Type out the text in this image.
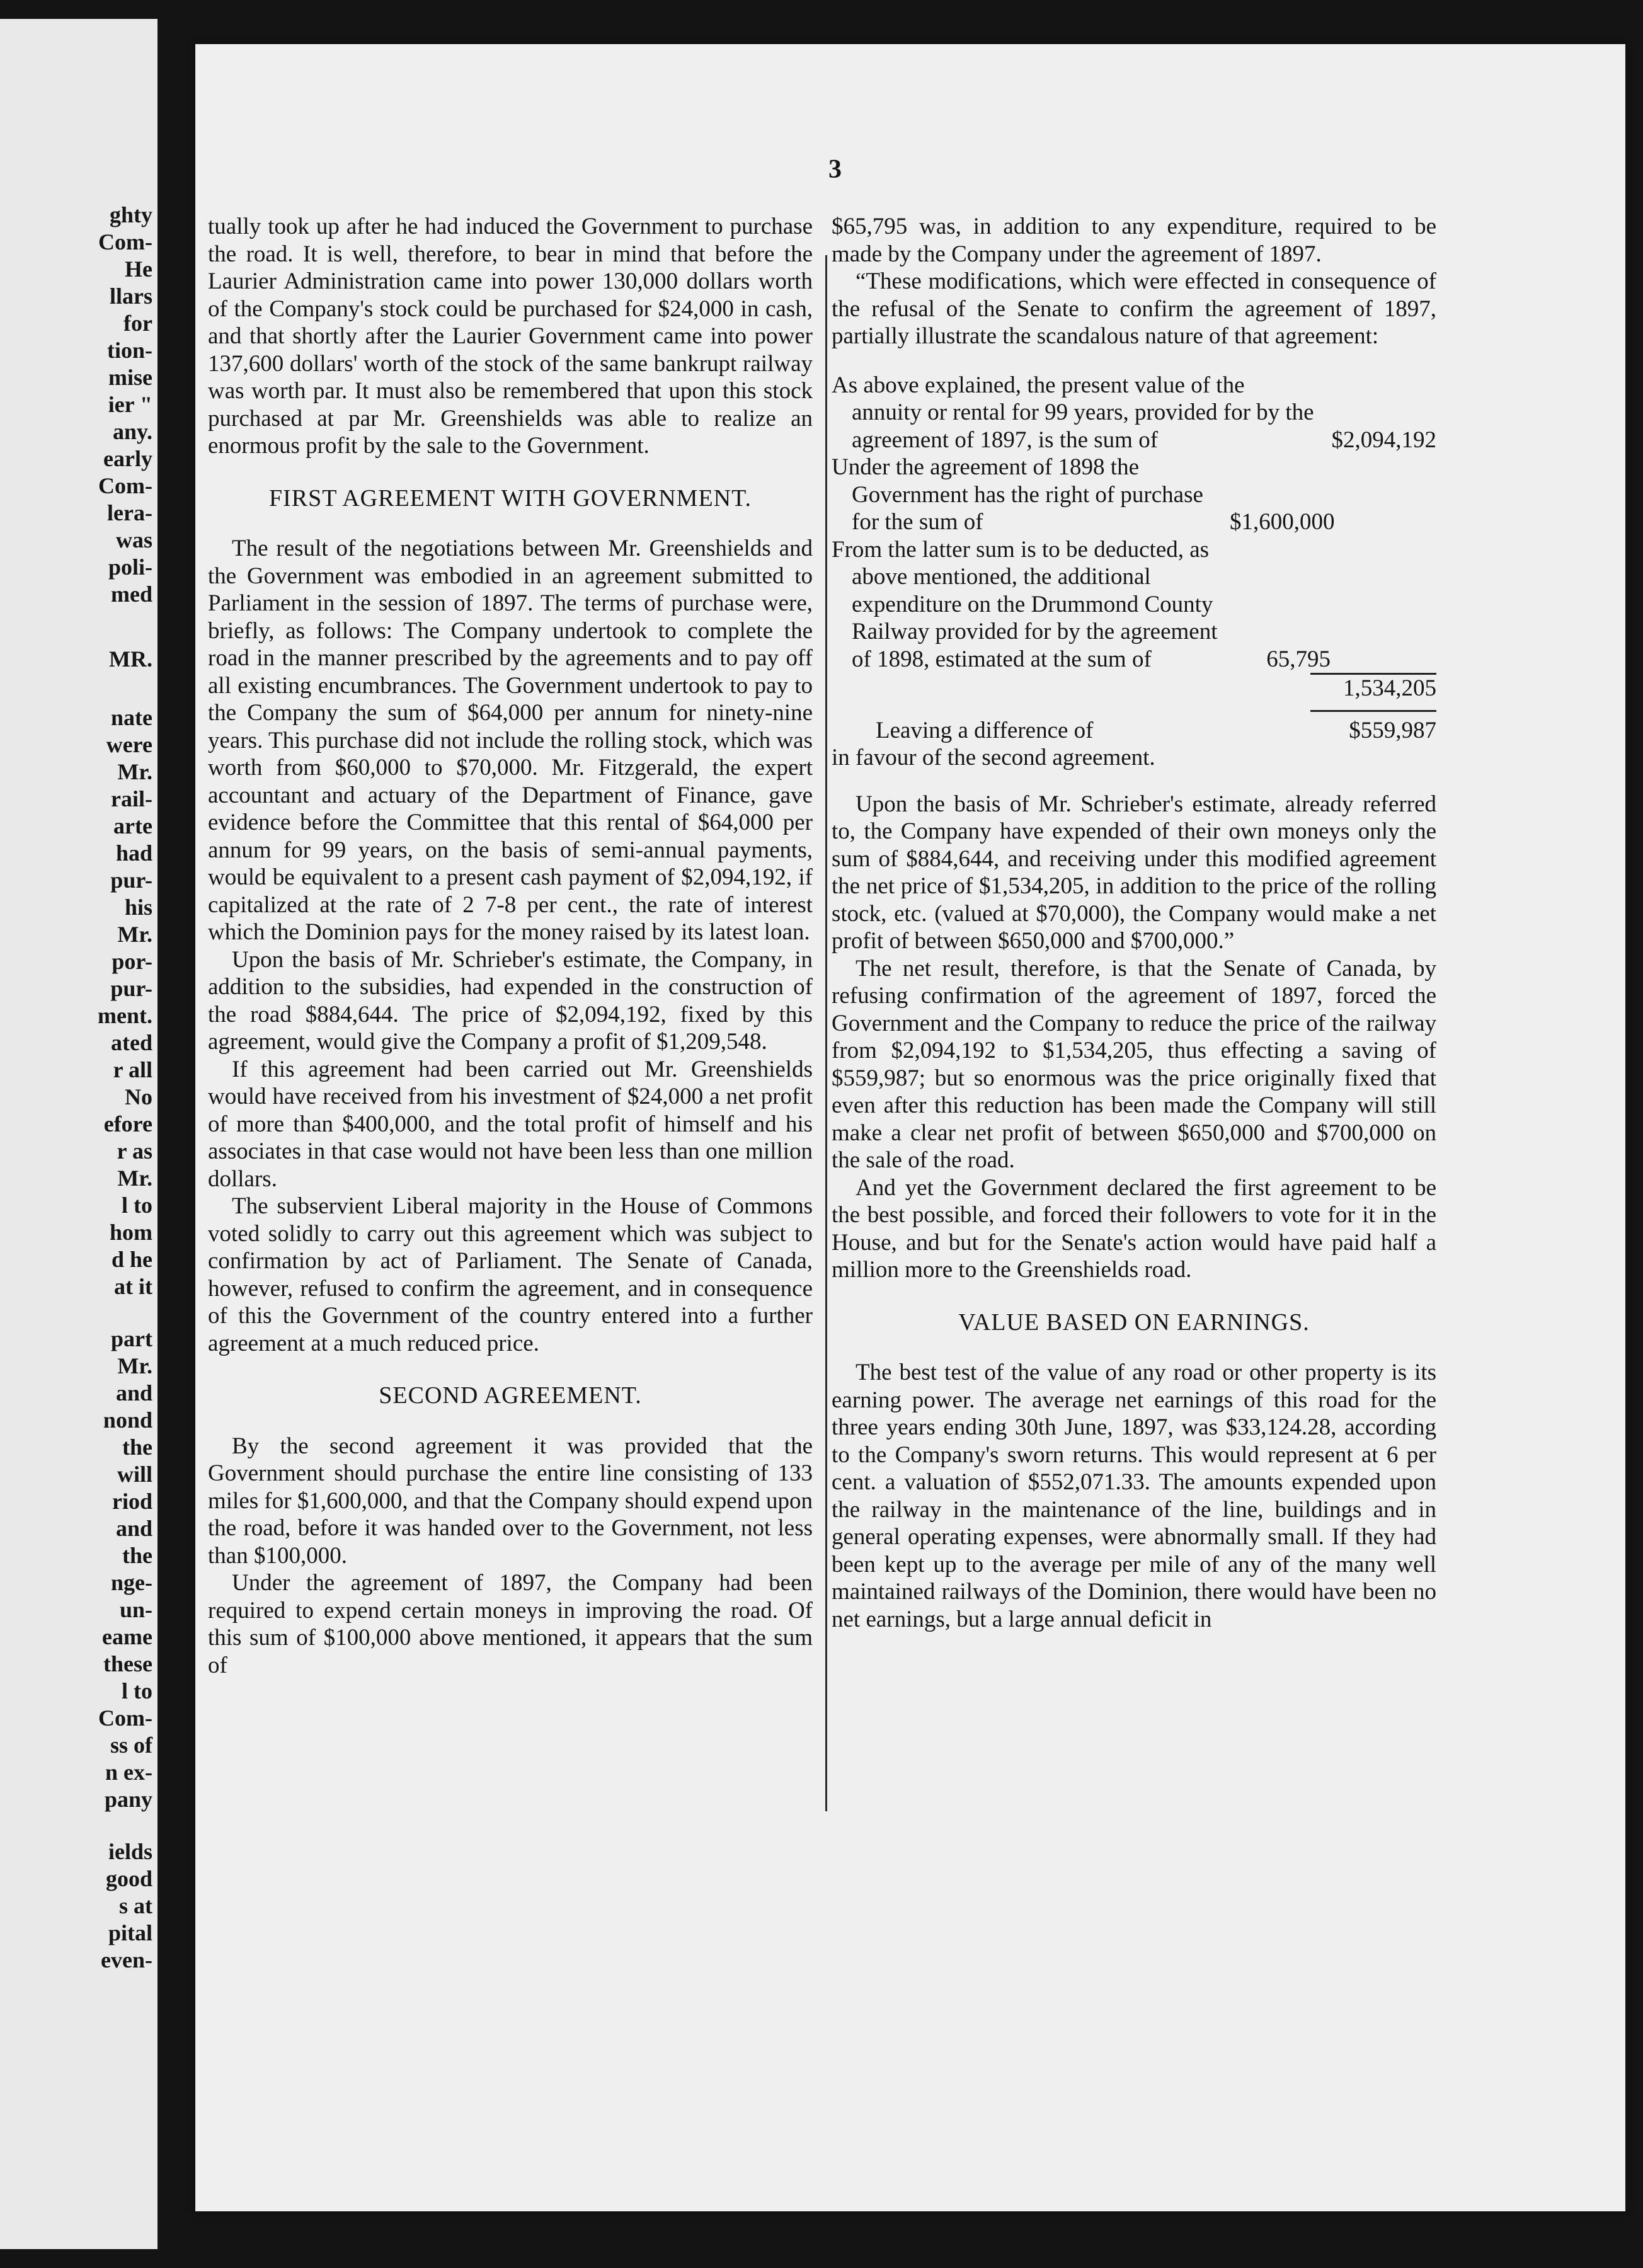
ghty
Com-
He
llars
for
tion-
mise
ier "
any.
early
Com-
lera-
was
poli-
med
MR.
nate
were
Mr.
rail-
arte
had
pur-
his
Mr.
por-
pur-
ment.
ated
r all
No
efore
r as
Mr.
l to
hom
d he
at it
part
Mr.
and
nond
the
will
riod
and
the
nge-
un-
eame
these
l to
Com-
ss of
n ex-
pany
ields
good
s at
pital
even-
3

tually took up after he had induced the Government to purchase the road. It is well, therefore, to bear in mind that before the Laurier Administration came into power 130,000 dollars worth of the Company's stock could be purchased for $24,000 in cash, and that shortly after the Laurier Government came into power 137,600 dollars' worth of the stock of the same bankrupt railway was worth par. It must also be remembered that upon this stock purchased at par Mr. Greenshields was able to realize an enormous profit by the sale to the Government.

FIRST AGREEMENT WITH GOVERNMENT.

The result of the negotiations between Mr. Greenshields and the Government was embodied in an agreement submitted to Parliament in the session of 1897. The terms of purchase were, briefly, as follows: The Company undertook to complete the road in the manner prescribed by the agreements and to pay off all existing encumbrances. The Government undertook to pay to the Company the sum of $64,000 per annum for ninety-nine years. This purchase did not include the rolling stock, which was worth from $60,000 to $70,000. Mr. Fitzgerald, the expert accountant and actuary of the Department of Finance, gave evidence before the Committee that this rental of $64,000 per annum for 99 years, on the basis of semi-annual payments, would be equivalent to a present cash payment of $2,094,192, if capitalized at the rate of 2 7-8 per cent., the rate of interest which the Dominion pays for the money raised by its latest loan.

Upon the basis of Mr. Schrieber's estimate, the Company, in addition to the subsidies, had expended in the construction of the road $884,644. The price of $2,094,192, fixed by this agreement, would give the Company a profit of $1,209,548.

If this agreement had been carried out Mr. Greenshields would have received from his investment of $24,000 a net profit of more than $400,000, and the total profit of himself and his associates in that case would not have been less than one million dollars.

The subservient Liberal majority in the House of Commons voted solidly to carry out this agreement which was subject to confirmation by act of Parliament. The Senate of Canada, however, refused to confirm the agreement, and in consequence of this the Government of the country entered into a further agreement at a much reduced price.

SECOND AGREEMENT.

By the second agreement it was provided that the Government should purchase the entire line consisting of 133 miles for $1,600,000, and that the Company should expend upon the road, before it was handed over to the Government, not less than $100,000.

Under the agreement of 1897, the Company had been required to expend certain moneys in improving the road. Of this sum of $100,000 above mentioned, it appears that the sum of

$65,795 was, in addition to any expenditure, required to be made by the Company under the agreement of 1897.

“These modifications, which were effected in consequence of the refusal of the Senate to confirm the agreement of 1897, partially illustrate the scandalous nature of that agreement:

As above explained, the present value of the annuity or rental for 99 years, provided for by the agreement of 1897, is the sum of	$2,094,192
Under the agreement of 1898 the Government has the right of purchase for the sum of	$1,600,000
From the latter sum is to be deducted, as above mentioned, the additional expenditure on the Drummond County Railway provided for by the agreement of 1898, estimated at the sum of	65,795
1,534,205
Leaving a difference of	$559,987
in favour of the second agreement.

Upon the basis of Mr. Schrieber's estimate, already referred to, the Company have expended of their own moneys only the sum of $884,644, and receiving under this modified agreement the net price of $1,534,205, in addition to the price of the rolling stock, etc. (valued at $70,000), the Company would make a net profit of between $650,000 and $700,000.”

The net result, therefore, is that the Senate of Canada, by refusing confirmation of the agreement of 1897, forced the Government and the Company to reduce the price of the railway from $2,094,192 to $1,534,205, thus effecting a saving of $559,987; but so enormous was the price originally fixed that even after this reduction has been made the Company will still make a clear net profit of between $650,000 and $700,000 on the sale of the road.

And yet the Government declared the first agreement to be the best possible, and forced their followers to vote for it in the House, and but for the Senate's action would have paid half a million more to the Greenshields road.

VALUE BASED ON EARNINGS.

The best test of the value of any road or other property is its earning power. The average net earnings of this road for the three years ending 30th June, 1897, was $33,124.28, according to the Company's sworn returns. This would represent at 6 per cent. a valuation of $552,071.33. The amounts expended upon the railway in the maintenance of the line, buildings and in general operating expenses, were abnormally small. If they had been kept up to the average per mile of any of the many well maintained railways of the Dominion, there would have been no net earnings, but a large annual deficit in
